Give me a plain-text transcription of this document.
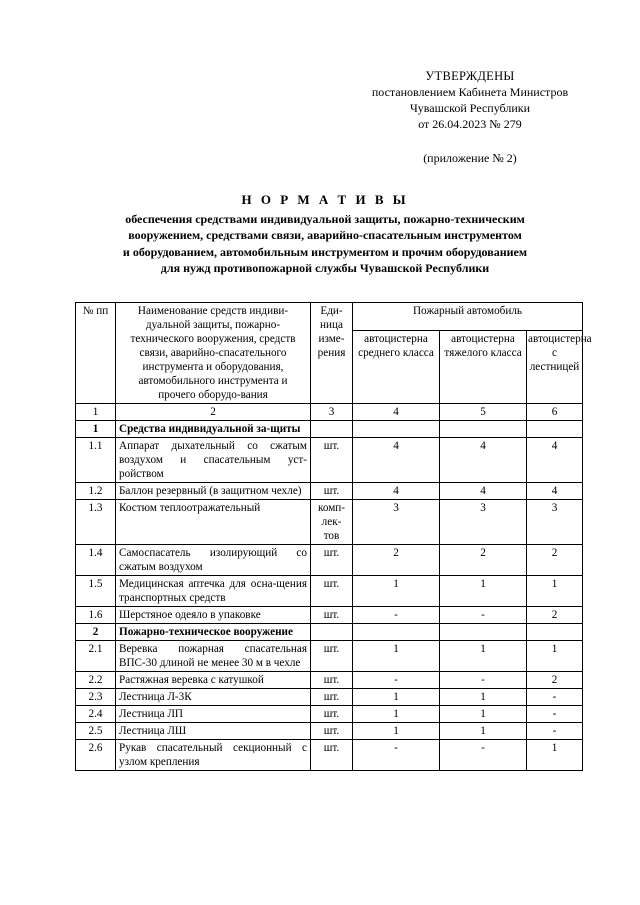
УТВЕРЖДЕНЫ
постановлением Кабинета Министров
Чувашской Республики
от 26.04.2023 № 279
(приложение № 2)
Н О Р М А Т И В Ы
обеспечения средствами индивидуальной защиты, пожарно-техническим
вооружением, средствами связи, аварийно-спасательным инструментом
и оборудованием, автомобильным инструментом и прочим оборудованием
для нужд противопожарной службы Чувашской Республики
№ пп	Наименование средств индиви-дуальной защиты, пожарно-технического вооружения, средств связи, аварийно-спасательного инструмента и оборудования, автомобильного инструмента и прочего оборудо-вания	Еди-ница изме-рения	Пожарный автомобиль		
			автоцистерна среднего класса	автоцистерна тяжелого класса	автоцистерна с лестницей
1	2	3	4	5	6
1	Средства индивидуальной за-щиты				
1.1	Аппарат дыхательный со сжатым воздухом и спасательным уст-ройством	шт.	4	4	4
1.2	Баллон резервный (в защитном чехле)	шт.	4	4	4
1.3	Костюм теплоотражательный	комп-лек-тов	3	3	3
1.4	Самоспасатель изолирующий со сжатым воздухом	шт.	2	2	2
1.5	Медицинская аптечка для осна-щения транспортных средств	шт.	1	1	1
1.6	Шерстяное одеяло в упаковке	шт.	-	-	2
2	Пожарно-техническое вооружение				
2.1	Веревка пожарная спасательная ВПС-30 длиной не менее 30 м в чехле	шт.	1	1	1
2.2	Растяжная веревка с катушкой	шт.	-	-	2
2.3	Лестница Л-3К	шт.	1	1	-
2.4	Лестница ЛП	шт.	1	1	-
2.5	Лестница ЛШ	шт.	1	1	-
2.6	Рукав спасательный секционный с узлом крепления	шт.	-	-	1
